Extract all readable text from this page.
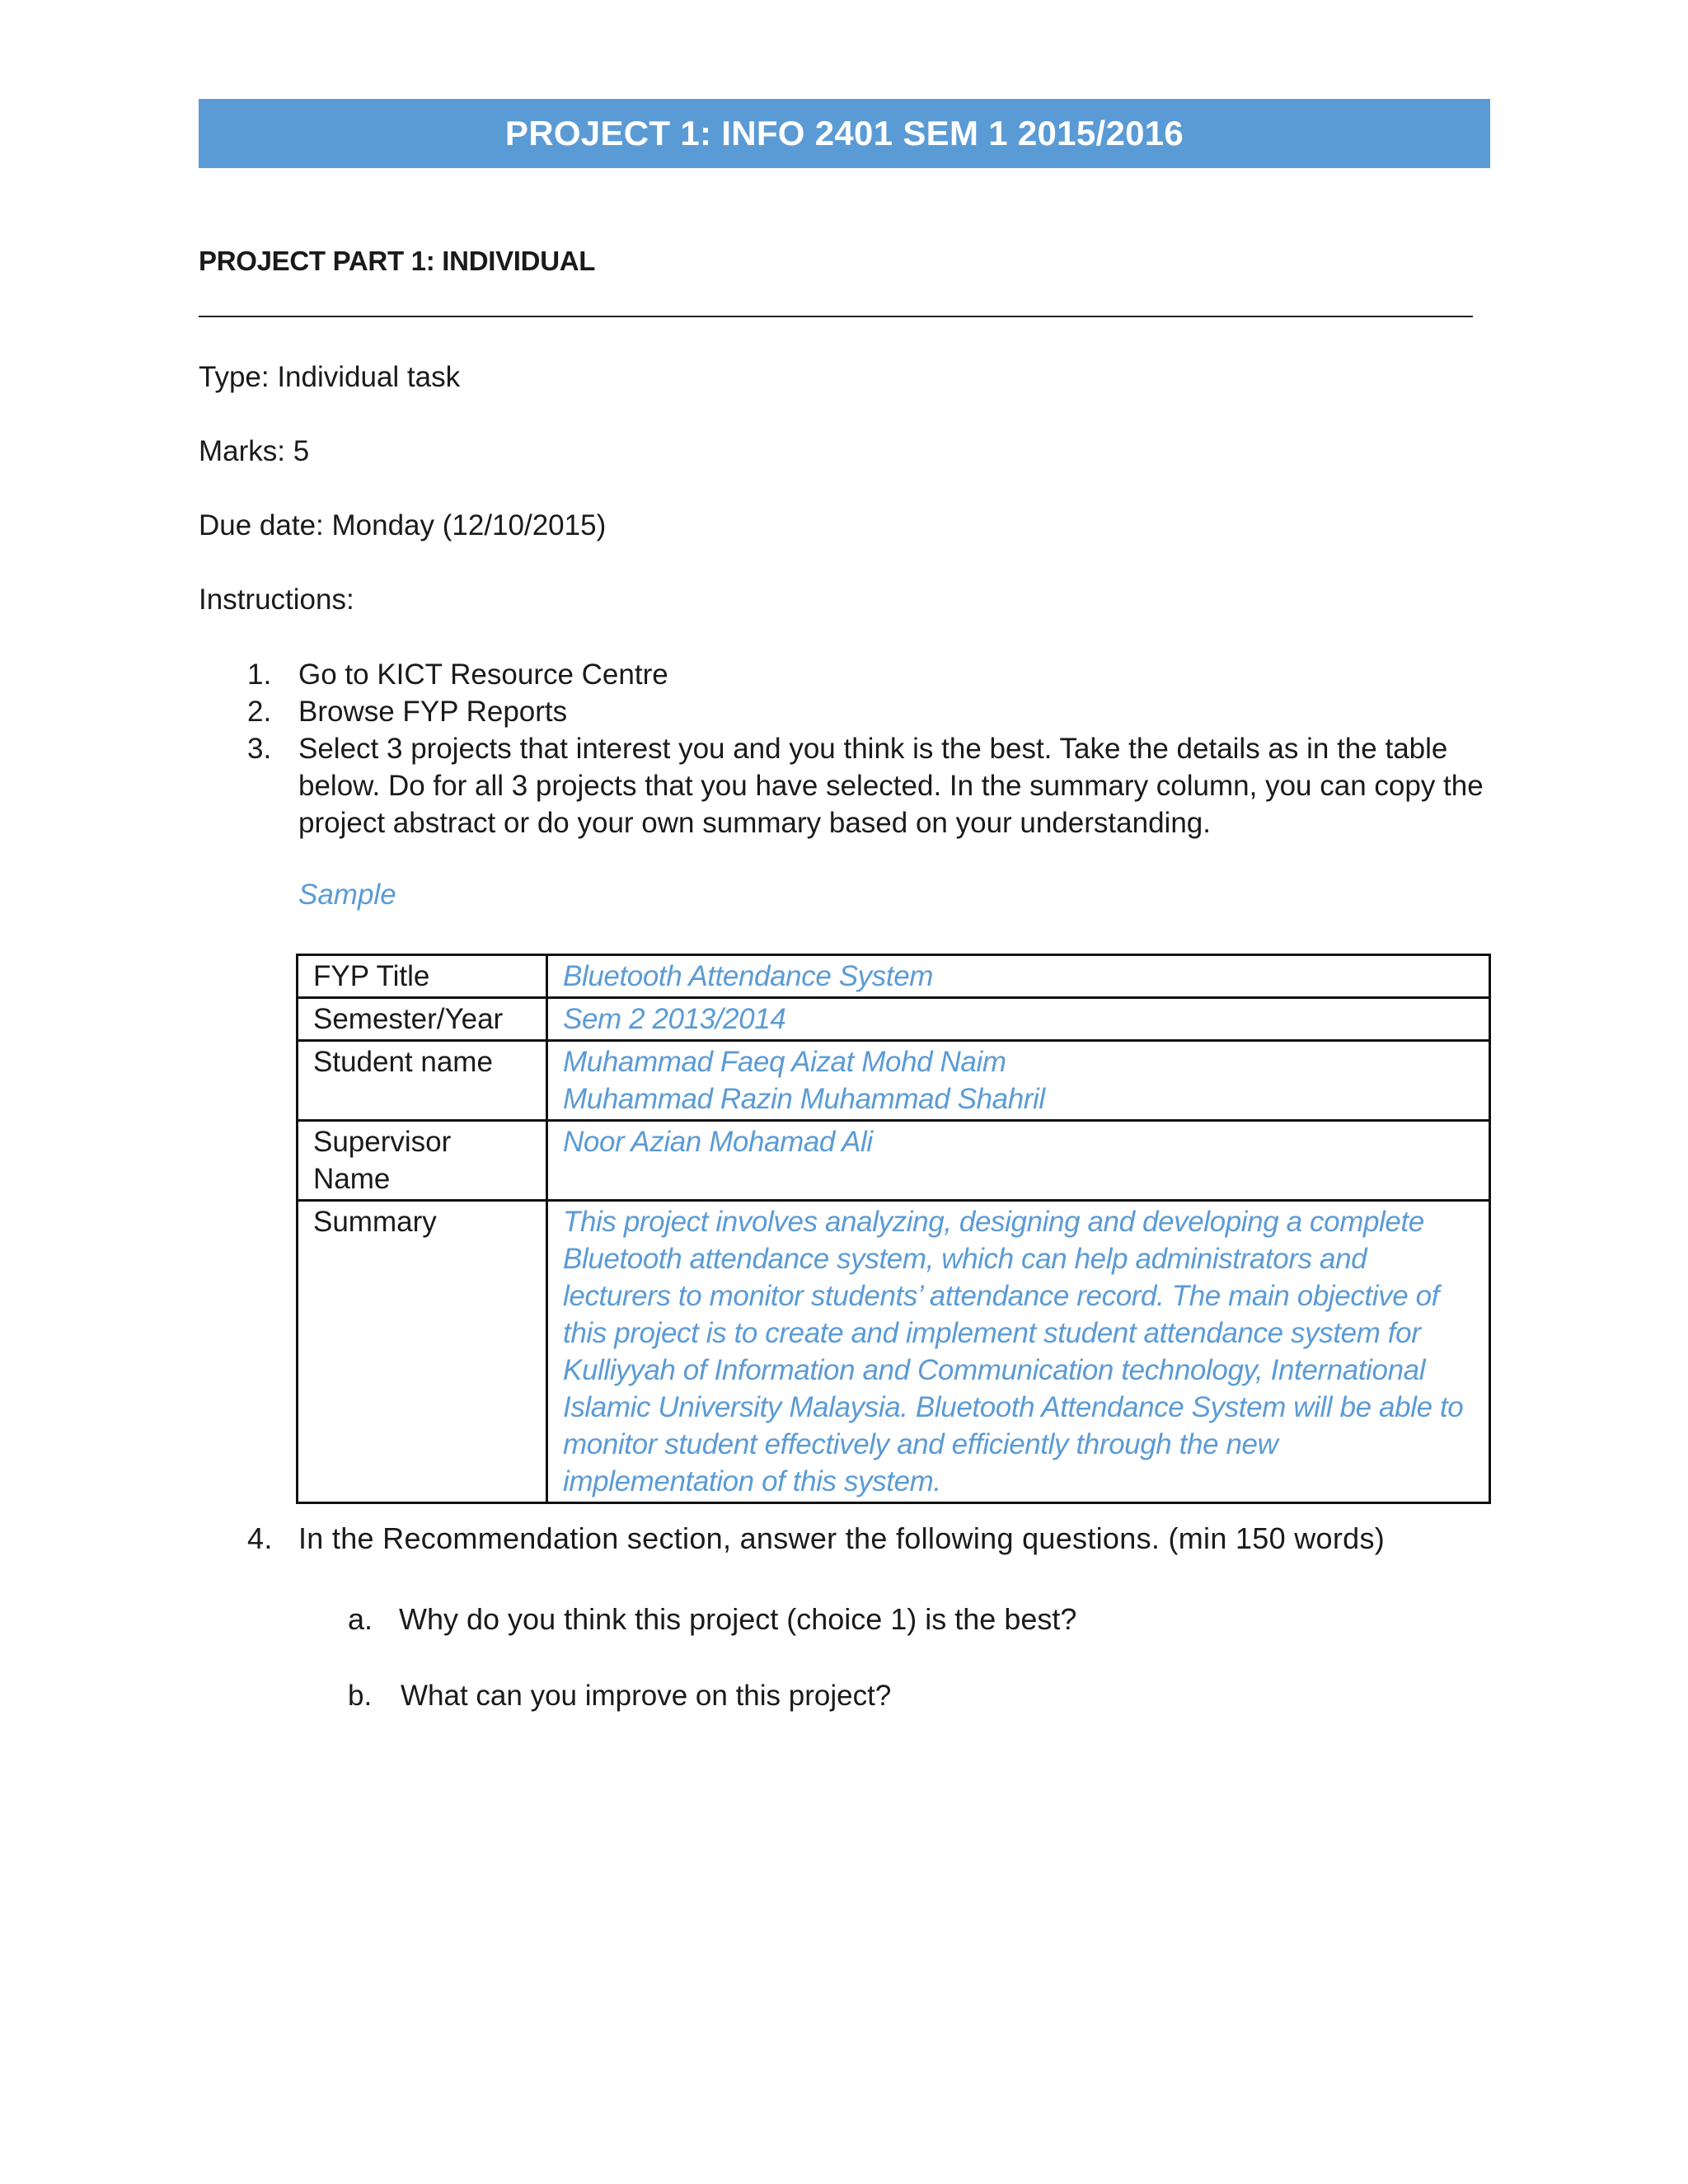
PROJECT 1: INFO 2401 SEM 1 2015/2016
PROJECT PART 1: INDIVIDUAL
Type: Individual task
Marks: 5
Due date: Monday (12/10/2015)
Instructions:
1. Go to KICT Resource Centre
2. Browse FYP Reports
3. Select 3 projects that interest you and you think is the best. Take the details as in the table below. Do for all 3 projects that you have selected. In the summary column, you can copy the project abstract or do your own summary based on your understanding.
Sample
FYP Title	Bluetooth Attendance System
Semester/Year	Sem 2 2013/2014
Student name	Muhammad Faeq Aizat Mohd Naim
Muhammad Razin Muhammad Shahril

Supervisor Name	Noor Azian Mohamad Ali
Summary	This project involves analyzing, designing and developing a complete Bluetooth attendance system, which can help administrators and lecturers to monitor students’ attendance record. The main objective of this project is to create and implement student attendance system for Kulliyyah of Information and Communication technology, International Islamic University Malaysia. Bluetooth Attendance System will be able to monitor student effectively and efficiently through the new implementation of this system.
4. In the Recommendation section, answer the following questions. (min 150 words)
a. Why do you think this project (choice 1) is the best?
b. What can you improve on this project?
